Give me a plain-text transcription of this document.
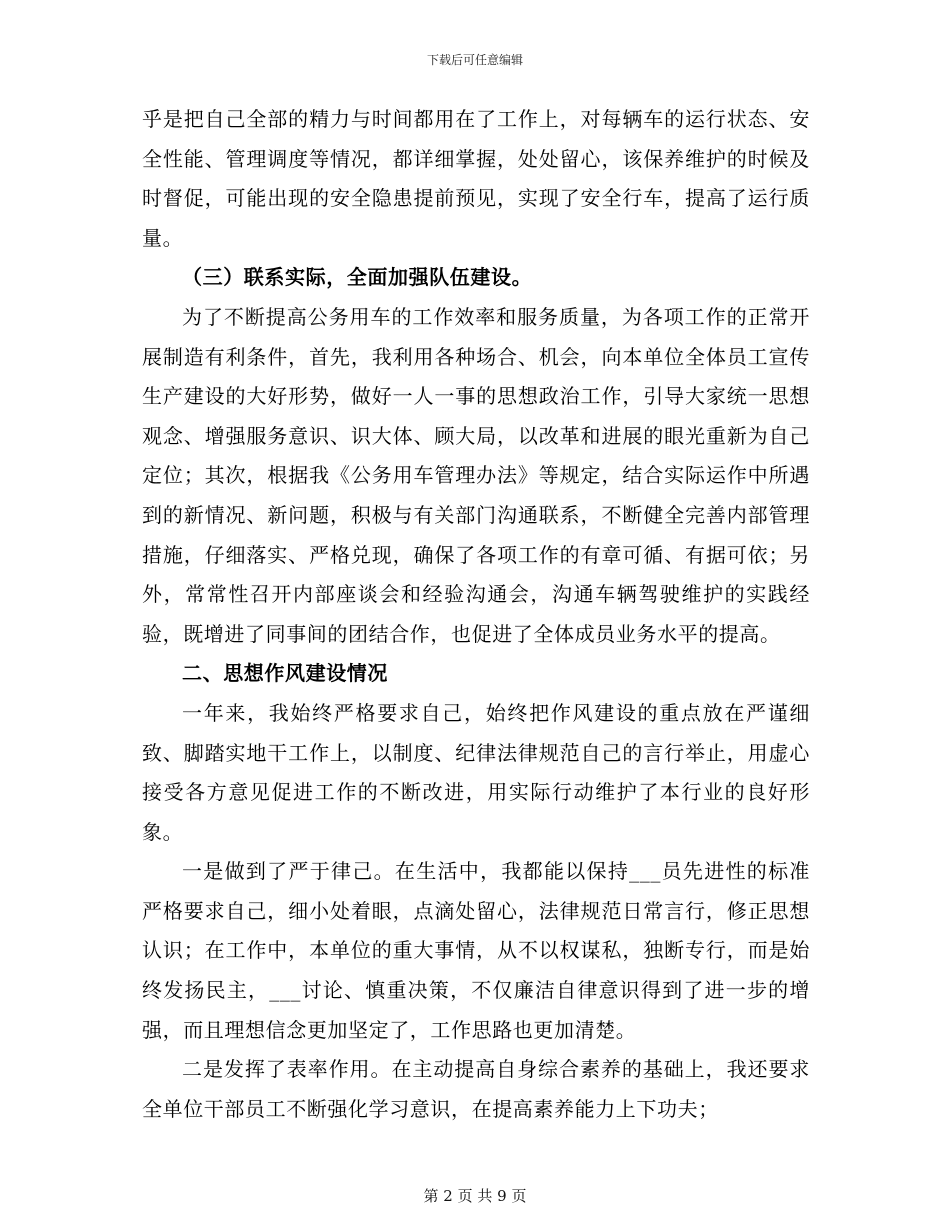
下载后可任意编辑

乎是把自己全部的精力与时间都用在了工作上，对每辆车的运行状态、安全性能、管理调度等情况，都详细掌握，处处留心，该保养维护的时候及时督促，可能出现的安全隐患提前预见，实现了安全行车，提高了运行质量。

（三）联系实际，全面加强队伍建设。

为了不断提高公务用车的工作效率和服务质量，为各项工作的正常开展制造有利条件，首先，我利用各种场合、机会，向本单位全体员工宣传生产建设的大好形势，做好一人一事的思想政治工作，引导大家统一思想观念、增强服务意识、识大体、顾大局，以改革和进展的眼光重新为自己定位；其次，根据我《公务用车管理办法》等规定，结合实际运作中所遇到的新情况、新问题，积极与有关部门沟通联系，不断健全完善内部管理措施，仔细落实、严格兑现，确保了各项工作的有章可循、有据可依；另外，常常性召开内部座谈会和经验沟通会，沟通车辆驾驶维护的实践经验，既增进了同事间的团结合作，也促进了全体成员业务水平的提高。

二、思想作风建设情况

一年来，我始终严格要求自己，始终把作风建设的重点放在严谨细致、脚踏实地干工作上，以制度、纪律法律规范自己的言行举止，用虚心接受各方意见促进工作的不断改进，用实际行动维护了本行业的良好形象。

一是做到了严于律己。在生活中，我都能以保持___员先进性的标准严格要求自己，细小处着眼，点滴处留心，法律规范日常言行，修正思想认识；在工作中，本单位的重大事情，从不以权谋私，独断专行，而是始终发扬民主，___讨论、慎重决策，不仅廉洁自律意识得到了进一步的增强，而且理想信念更加坚定了，工作思路也更加清楚。

二是发挥了表率作用。在主动提高自身综合素养的基础上，我还要求全单位干部员工不断强化学习意识，在提高素养能力上下功夫；

第 2 页 共 9 页
